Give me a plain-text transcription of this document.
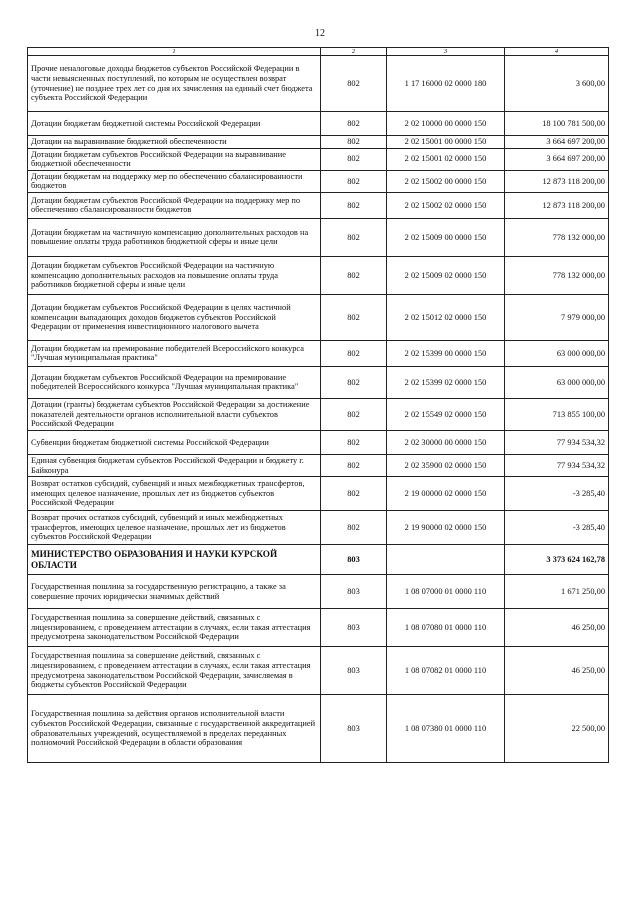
12
1	2	3	4
Прочие неналоговые доходы бюджетов субъектов Российской Федерации в части невыясненных поступлений, по которым не осуществлен возврат (уточнение) не позднее трех лет со дня их зачисления на единый счет бюджета субъекта Российской Федерации	802	1 17 16000 02 0000 180	3 600,00
Дотации бюджетам бюджетной системы Российской Федерации	802	2 02 10000 00 0000 150	18 100 781 500,00
Дотации на выравнивание бюджетной обеспеченности	802	2 02 15001 00 0000 150	3 664 697 200,00
Дотации бюджетам субъектов Российской Федерации на выравнивание бюджетной обеспеченности	802	2 02 15001 02 0000 150	3 664 697 200,00
Дотации бюджетам на поддержку мер по обеспечению сбалансированности бюджетов	802	2 02 15002 00 0000 150	12 873 118 200,00
Дотации бюджетам субъектов Российской Федерации на поддержку мер по обеспечению сбалансированности бюджетов	802	2 02 15002 02 0000 150	12 873 118 200,00
Дотации бюджетам на частичную компенсацию дополнительных расходов на повышение оплаты труда работников бюджетной сферы и иные цели	802	2 02 15009 00 0000 150	778 132 000,00
Дотации бюджетам субъектов Российской Федерации на частичную компенсацию дополнительных расходов на повышение оплаты труда работников бюджетной сферы и иные цели	802	2 02 15009 02 0000 150	778 132 000,00
Дотации бюджетам субъектов Российской Федерации в целях частичной компенсации выпадающих доходов бюджетов субъектов Российской Федерации от применения инвестиционного налогового вычета	802	2 02 15012 02 0000 150	7 979 000,00
Дотации бюджетам на премирование победителей Всероссийского конкурса "Лучшая муниципальная практика"	802	2 02 15399 00 0000 150	63 000 000,00
Дотации бюджетам субъектов Российской Федерации на премирование победителей Всероссийского конкурса "Лучшая муниципальная практика"	802	2 02 15399 02 0000 150	63 000 000,00
Дотации (гранты) бюджетам субъектов Российской Федерации за достижение показателей деятельности органов исполнительной власти субъектов Российской Федерации	802	2 02 15549 02 0000 150	713 855 100,00
Субвенции бюджетам бюджетной системы Российской Федерации	802	2 02 30000 00 0000 150	77 934 534,32
Единая субвенция бюджетам субъектов Российской Федерации и бюджету г. Байконура	802	2 02 35900 02 0000 150	77 934 534,32
Возврат остатков субсидий, субвенций и иных межбюджетных трансфертов, имеющих целевое назначение, прошлых лет из бюджетов субъектов Российской Федерации	802	2 19 00000 02 0000 150	-3 285,40
Возврат прочих остатков субсидий, субвенций и иных межбюджетных трансфертов, имеющих целевое назначение, прошлых лет из бюджетов субъектов Российской Федерации	802	2 19 90000 02 0000 150	-3 285,40
МИНИСТЕРСТВО ОБРАЗОВАНИЯ И НАУКИ КУРСКОЙ ОБЛАСТИ	803		3 373 624 162,78
Государственная пошлина за государственную регистрацию, а также за совершение прочих юридически значимых действий	803	1 08 07000 01 0000 110	1 671 250,00
Государственная пошлина за совершение действий, связанных с лицензированием, с проведением аттестации в случаях, если такая аттестация предусмотрена законодательством Российской Федерации	803	1 08 07080 01 0000 110	46 250,00
Государственная пошлина за совершение действий, связанных с лицензированием, с проведением аттестации в случаях, если такая аттестация предусмотрена законодательством Российской Федерации, зачисляемая в бюджеты субъектов Российской Федерации	803	1 08 07082 01 0000 110	46 250,00
Государственная пошлина за действия органов исполнительной власти субъектов Российской Федерации, связанные с государственной аккредитацией образовательных учреждений, осуществляемой в пределах переданных полномочий Российской Федерации в области образования	803	1 08 07380 01 0000 110	22 500,00
